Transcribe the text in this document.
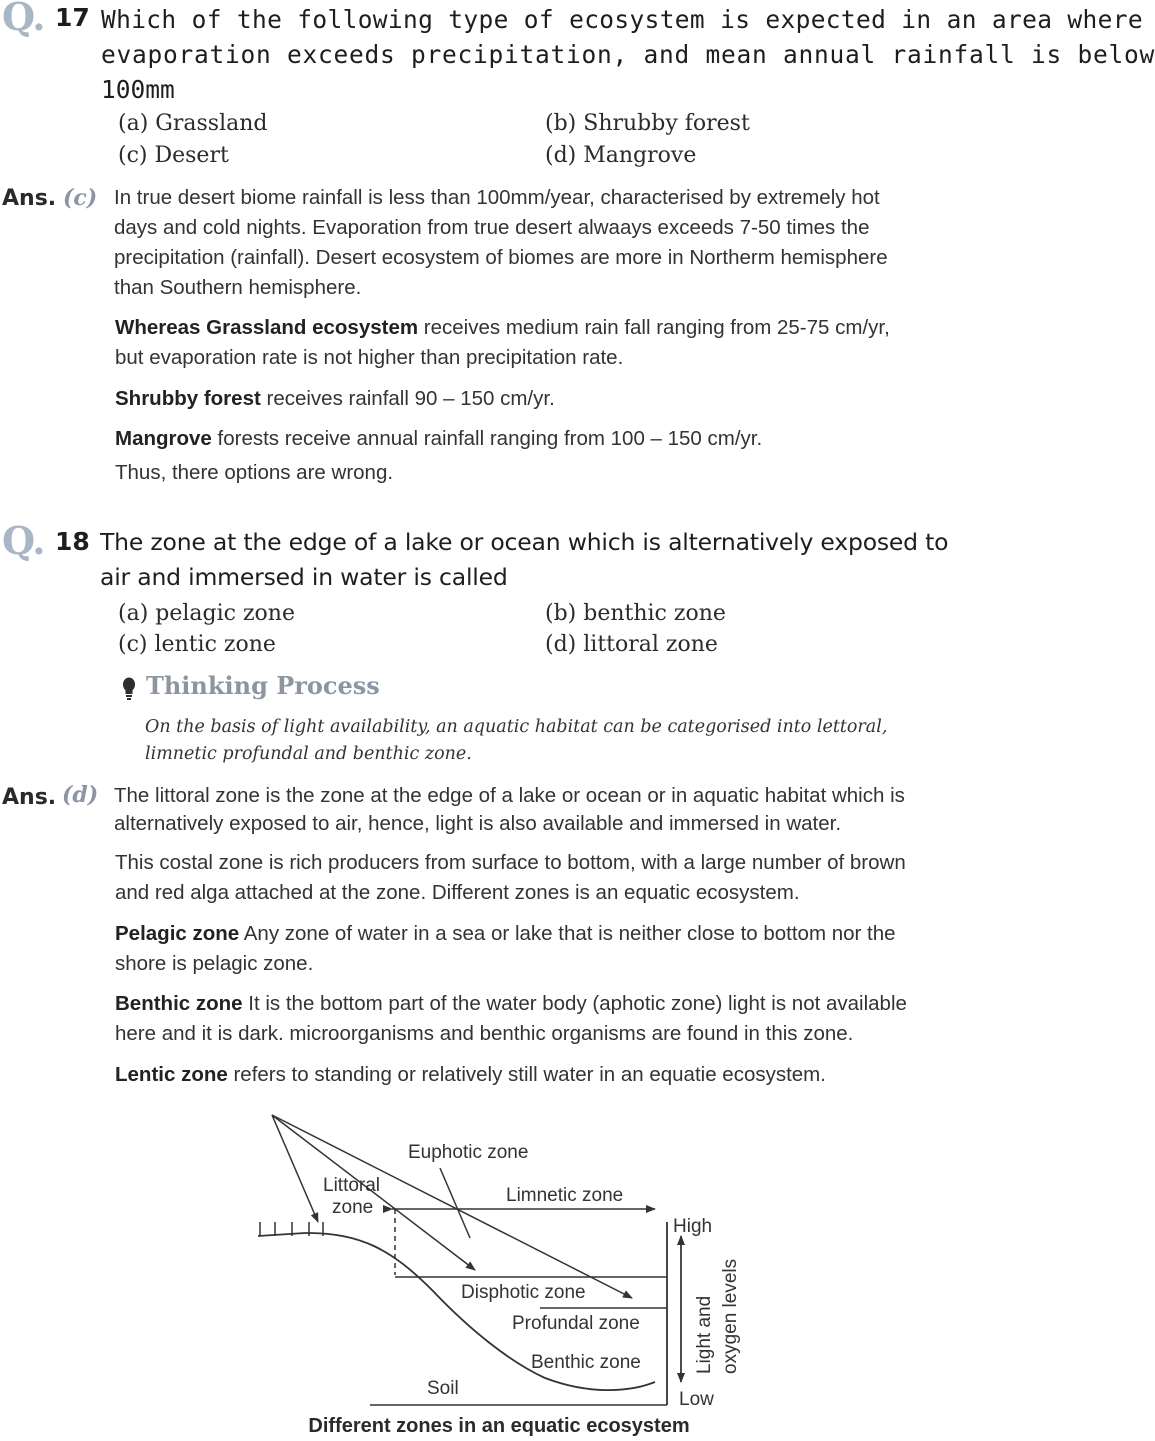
Q. 17 Which of the following type of ecosystem is expected in an area where
evaporation exceeds precipitation, and mean annual rainfall is below
100mm
(a) Grassland	(b) Shrubby forest
(c) Desert	(d) Mangrove
Ans. (c) In true desert biome rainfall is less than 100mm/year, characterised by extremely hot
days and cold nights. Evaporation from true desert alwaays exceeds 7-50 times the
precipitation (rainfall). Desert ecosystem of biomes are more in Northerm hemisphere
than Southern hemisphere.
Whereas Grassland ecosystem receives medium rain fall ranging from 25-75 cm/yr,
but evaporation rate is not higher than precipitation rate.
Shrubby forest receives rainfall 90 – 150 cm/yr.
Mangrove forests receive annual rainfall ranging from 100 – 150 cm/yr.
Thus, there options are wrong.
Q. 18 The zone at the edge of a lake or ocean which is alternatively exposed to
air and immersed in water is called
(a) pelagic zone	(b) benthic zone
(c) lentic zone	(d) littoral zone
Thinking Process
On the basis of light availability, an aquatic habitat can be categorised into lettoral,
limnetic profundal and benthic zone.
Ans. (d) The littoral zone is the zone at the edge of a lake or ocean or in aquatic habitat which is
alternatively exposed to air, hence, light is also available and immersed in water.
This costal zone is rich producers from surface to bottom, with a large number of brown
and red alga attached at the zone. Different zones is an equatic ecosystem.
Pelagic zone Any zone of water in a sea or lake that is neither close to bottom nor the
shore is pelagic zone.
Benthic zone It is the bottom part of the water body (aphotic zone) light is not available
here and it is dark. microorganisms and benthic organisms are found in this zone.
Lentic zone refers to standing or relatively still water in an equatie ecosystem.
Euphotic zone
Littoral
zone
Limnetic zone
High
Disphotic zone
Profundal zone
Benthic zone
Soil
Low
Light and oxygen levels
Different zones in an equatic ecosystem
